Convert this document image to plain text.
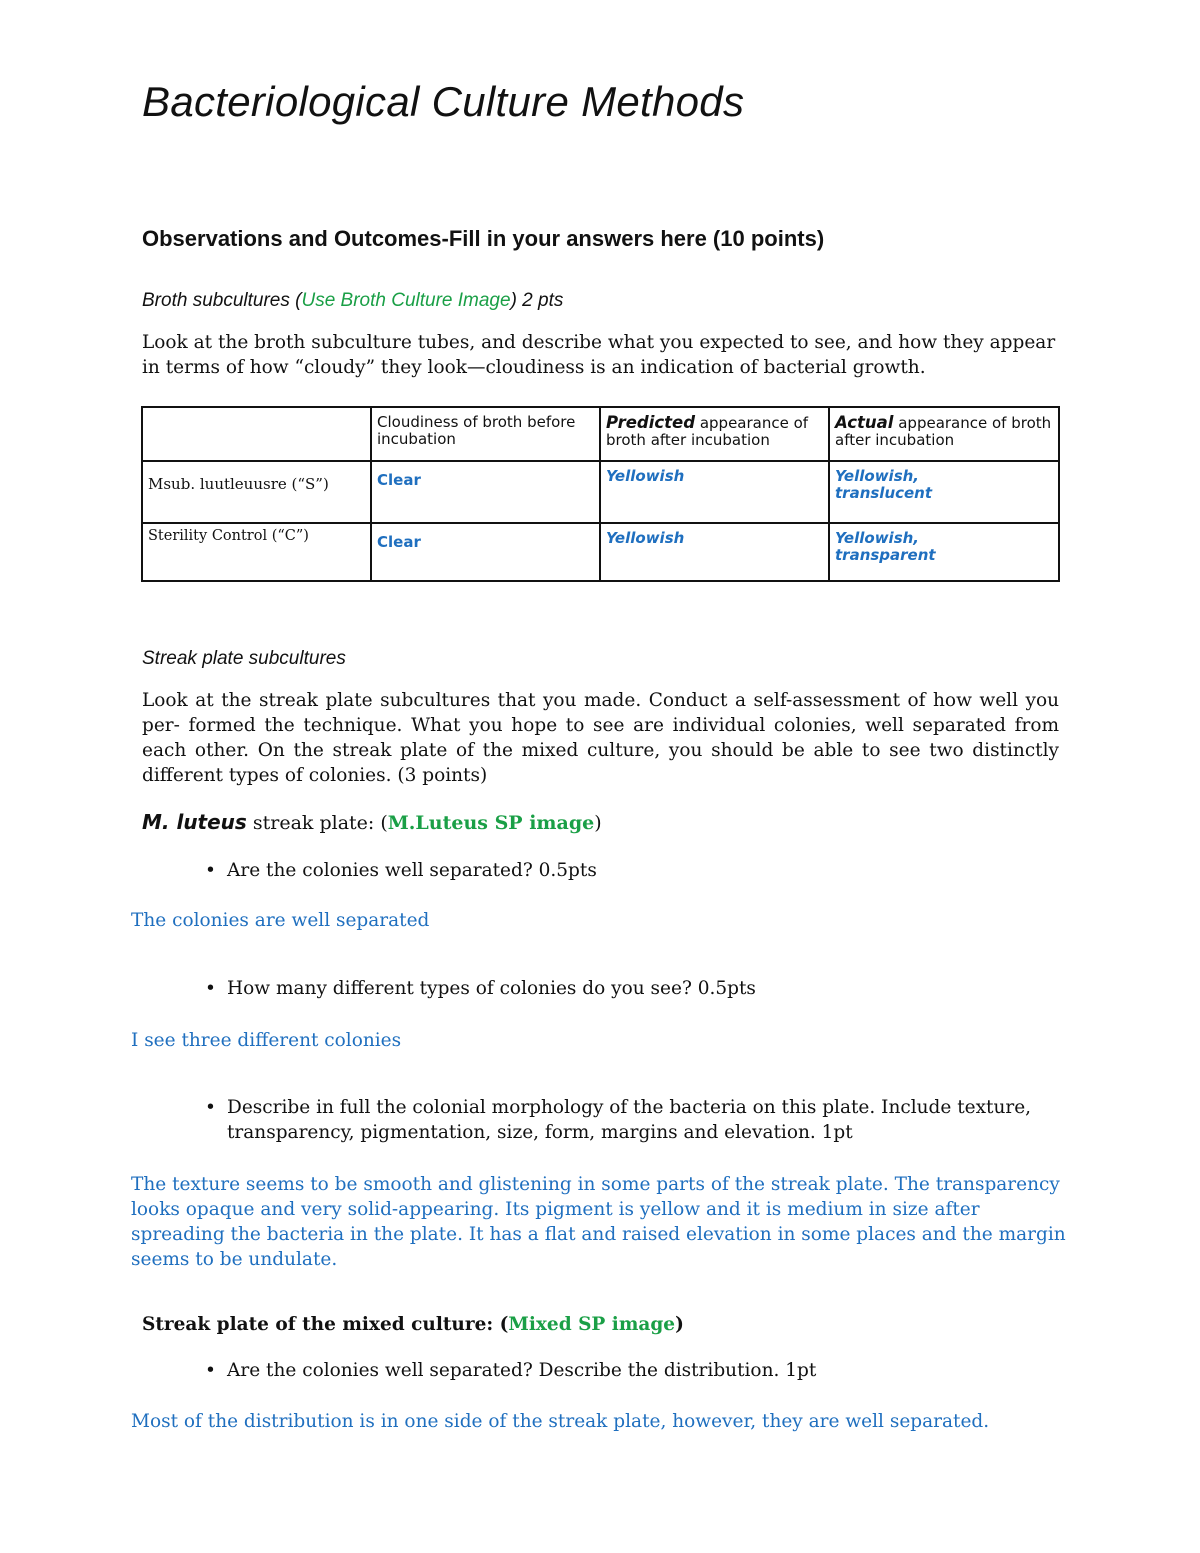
Bacteriological Culture Methods
Observations and Outcomes-Fill in your answers here (10 points)
Broth subcultures (Use Broth Culture Image) 2 pts
Look at the broth subculture tubes, and describe what you expected to see, and how they appear
in terms of how “cloudy” they look—cloudiness is an indication of bacterial growth.
	Cloudiness of broth before incubation	Predicted appearance of broth after incubation	Actual appearance of broth after incubation
Msub. luutleuusre (“S”)	Clear	Yellowish	Yellowish,
translucent

Sterility Control (“C”)	Clear	Yellowish	Yellowish,
transparent
Streak plate subcultures
Look at the streak plate subcultures that you made. Conduct a self-assessment of how well you
per- formed the technique. What you hope to see are individual colonies, well separated from
each other. On the streak plate of the mixed culture, you should be able to see two distinctly
different types of colonies. (3 points)
M. luteus streak plate: (M.Luteus SP image)
• Are the colonies well separated? 0.5pts
The colonies are well separated
• How many different types of colonies do you see? 0.5pts
I see three different colonies
• Describe in full the colonial morphology of the bacteria on this plate. Include texture,
transparency, pigmentation, size, form, margins and elevation. 1pt
The texture seems to be smooth and glistening in some parts of the streak plate. The transparency
looks opaque and very solid-appearing. Its pigment is yellow and it is medium in size after
spreading the bacteria in the plate. It has a flat and raised elevation in some places and the margin
seems to be undulate.
Streak plate of the mixed culture: (Mixed SP image)
• Are the colonies well separated? Describe the distribution. 1pt
Most of the distribution is in one side of the streak plate, however, they are well separated.
